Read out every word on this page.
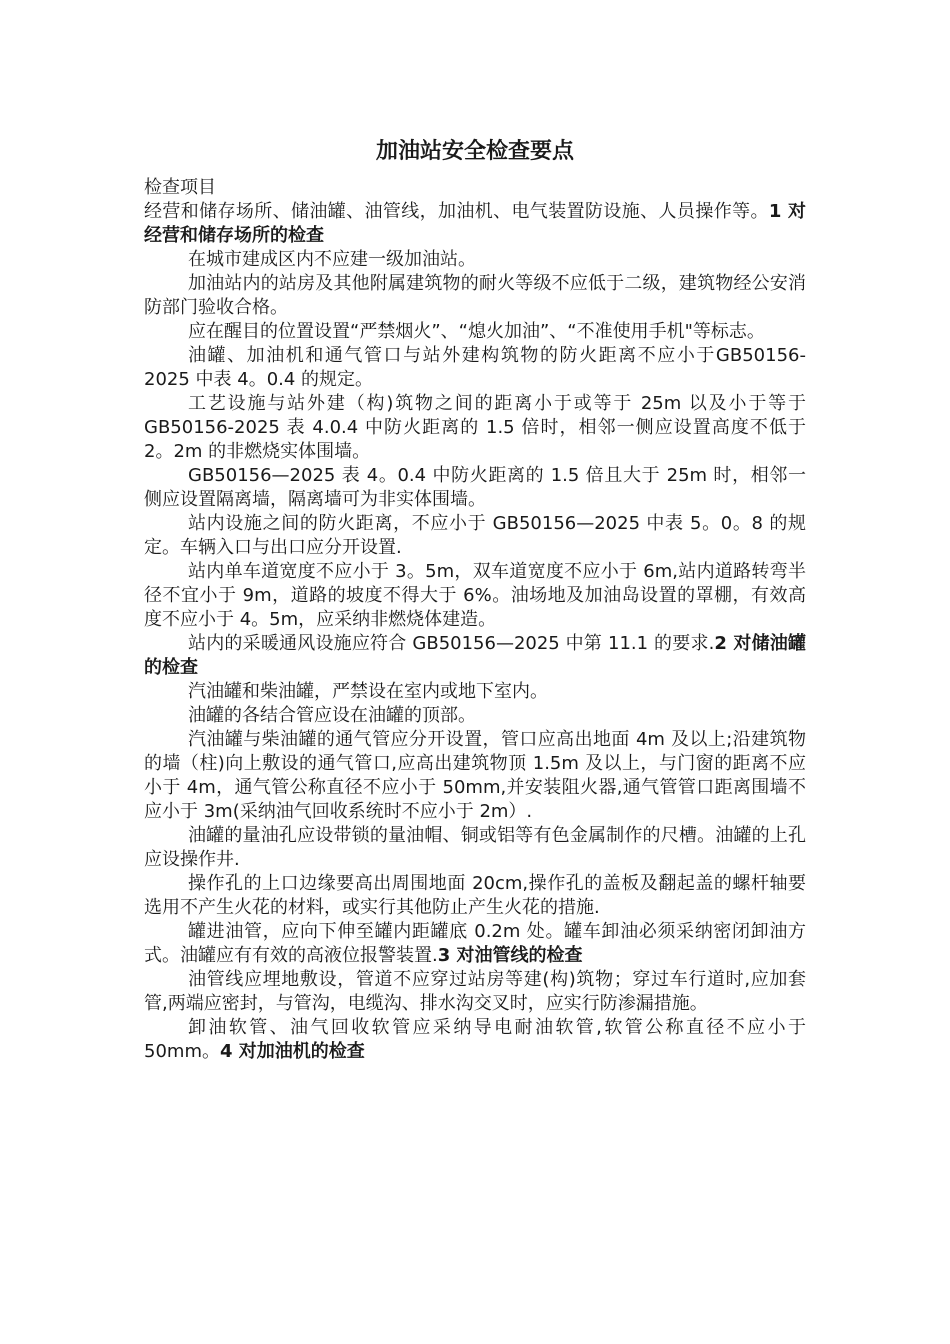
加油站安全检查要点

检查项目

经营和储存场所、储油罐、油管线，加油机、电气装置防设施、人员操作等。1 对经营和储存场所的检查

在城市建成区内不应建一级加油站。

加油站内的站房及其他附属建筑物的耐火等级不应低于二级，建筑物经公安消防部门验收合格。

应在醒目的位置设置“严禁烟火”、“熄火加油”、“不准使用手机"等标志。

油罐、加油机和通气管口与站外建构筑物的防火距离不应小于GB50156-2025 中表 4。0.4 的规定。

工艺设施与站外建（构)筑物之间的距离小于或等于 25m 以及小于等于 GB50156-2025 表 4.0.4 中防火距离的 1.5 倍时，相邻一侧应设置高度不低于 2。2m 的非燃烧实体围墙。

GB50156—2025 表 4。0.4 中防火距离的 1.5 倍且大于 25m 时，相邻一侧应设置隔离墙，隔离墙可为非实体围墙。

站内设施之间的防火距离，不应小于 GB50156—2025 中表 5。0。8 的规定。车辆入口与出口应分开设置.

站内单车道宽度不应小于 3。5m，双车道宽度不应小于 6m,站内道路转弯半径不宜小于 9m，道路的坡度不得大于 6%。油场地及加油岛设置的罩棚，有效高度不应小于 4。5m，应采纳非燃烧体建造。

站内的采暖通风设施应符合 GB50156—2025 中第 11.1 的要求.2 对储油罐的检查

汽油罐和柴油罐，严禁设在室内或地下室内。

油罐的各结合管应设在油罐的顶部。

汽油罐与柴油罐的通气管应分开设置，管口应高出地面 4m 及以上;沿建筑物的墙（柱)向上敷设的通气管口,应高出建筑物顶 1.5m 及以上，与门窗的距离不应小于 4m，通气管公称直径不应小于 50mm,并安装阻火器,通气管管口距离围墙不应小于 3m(采纳油气回收系统时不应小于 2m）.

油罐的量油孔应设带锁的量油帽、铜或铝等有色金属制作的尺槽。油罐的上孔应设操作井.

操作孔的上口边缘要高出周围地面 20cm,操作孔的盖板及翻起盖的螺杆轴要选用不产生火花的材料，或实行其他防止产生火花的措施.

罐进油管，应向下伸至罐内距罐底 0.2m 处。罐车卸油必须采纳密闭卸油方式。油罐应有有效的高液位报警装置.3 对油管线的检查

油管线应埋地敷设，管道不应穿过站房等建(构)筑物；穿过车行道时,应加套管,两端应密封，与管沟，电缆沟、排水沟交叉时，应实行防渗漏措施。

卸油软管、油气回收软管应采纳导电耐油软管,软管公称直径不应小于 50mm。4 对加油机的检查
